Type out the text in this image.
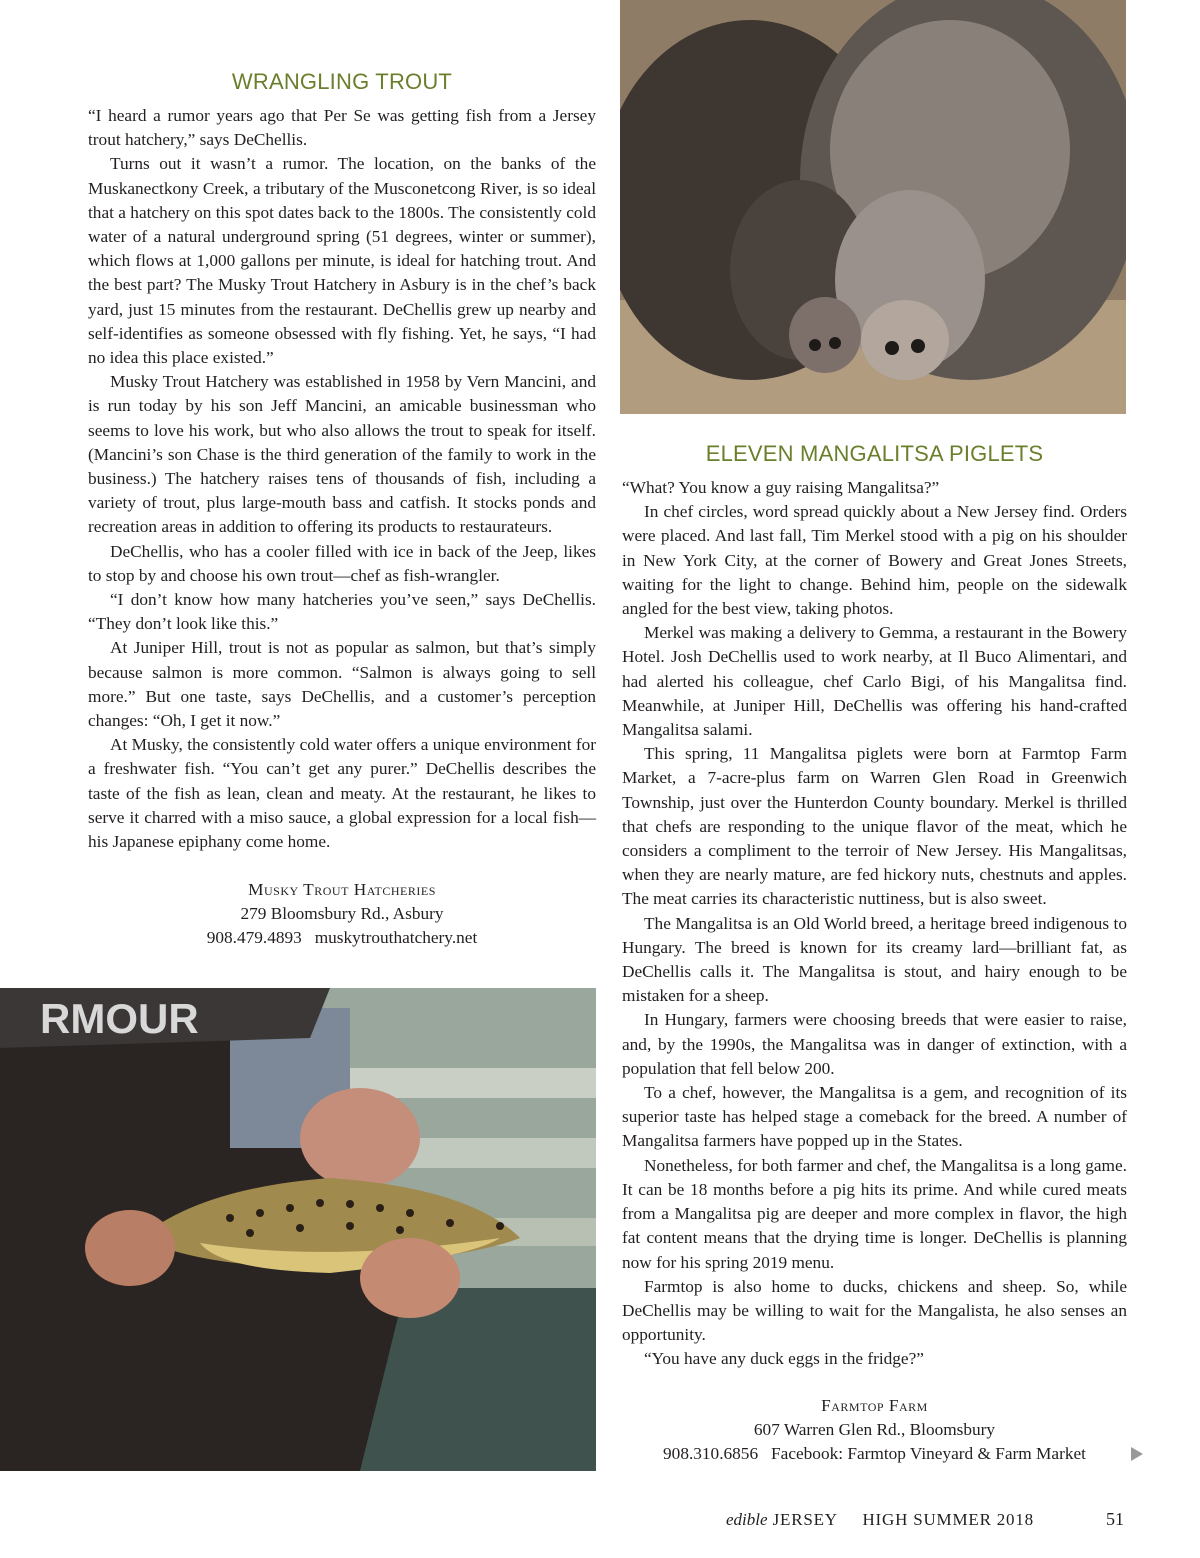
WRANGLING TROUT

“I heard a rumor years ago that Per Se was getting fish from a Jersey trout hatchery,” says DeChellis.

Turns out it wasn’t a rumor. The location, on the banks of the Muskanectkony Creek, a tributary of the Musconetcong River, is so ideal that a hatchery on this spot dates back to the 1800s. The consistently cold water of a natural underground spring (51 degrees, winter or summer), which flows at 1,000 gallons per minute, is ideal for hatching trout. And the best part? The Musky Trout Hatchery in Asbury is in the chef’s back yard, just 15 minutes from the restaurant. DeChellis grew up nearby and self-identifies as someone obsessed with fly fishing. Yet, he says, “I had no idea this place existed.”

Musky Trout Hatchery was established in 1958 by Vern Mancini, and is run today by his son Jeff Mancini, an amicable businessman who seems to love his work, but who also allows the trout to speak for itself. (Mancini’s son Chase is the third generation of the family to work in the business.) The hatchery raises tens of thousands of fish, including a variety of trout, plus large-mouth bass and catfish. It stocks ponds and recreation areas in addition to offering its products to restaurateurs.

DeChellis, who has a cooler filled with ice in back of the Jeep, likes to stop by and choose his own trout—chef as fish-wrangler.

“I don’t know how many hatcheries you’ve seen,” says DeChellis. “They don’t look like this.”

At Juniper Hill, trout is not as popular as salmon, but that’s simply because salmon is more common. “Salmon is always going to sell more.” But one taste, says DeChellis, and a customer’s perception changes: “Oh, I get it now.”

At Musky, the consistently cold water offers a unique environment for a freshwater fish. “You can’t get any purer.” DeChellis describes the taste of the fish as lean, clean and meaty. At the restaurant, he likes to serve it charred with a miso sauce, a global expression for a local fish—his Japanese epiphany come home.

Musky Trout Hatcheries
279 Bloomsbury Rd., Asbury
908.479.4893   muskytrouthatchery.net
RMOUR
ELEVEN MANGALITSA PIGLETS

“What? You know a guy raising Mangalitsa?”

In chef circles, word spread quickly about a New Jersey find. Orders were placed. And last fall, Tim Merkel stood with a pig on his shoulder in New York City, at the corner of Bowery and Great Jones Streets, waiting for the light to change. Behind him, people on the sidewalk angled for the best view, taking photos.

Merkel was making a delivery to Gemma, a restaurant in the Bowery Hotel. Josh DeChellis used to work nearby, at Il Buco Alimentari, and had alerted his colleague, chef Carlo Bigi, of his Mangalitsa find. Meanwhile, at Juniper Hill, DeChellis was offering his hand-crafted Mangalitsa salami.

This spring, 11 Mangalitsa piglets were born at Farmtop Farm Market, a 7-acre-plus farm on Warren Glen Road in Greenwich Township, just over the Hunterdon County boundary. Merkel is thrilled that chefs are responding to the unique flavor of the meat, which he considers a compliment to the terroir of New Jersey. His Mangalitsas, when they are nearly mature, are fed hickory nuts, chestnuts and apples. The meat carries its characteristic nuttiness, but is also sweet.

The Mangalitsa is an Old World breed, a heritage breed indigenous to Hungary. The breed is known for its creamy lard—brilliant fat, as DeChellis calls it. The Mangalitsa is stout, and hairy enough to be mistaken for a sheep.

In Hungary, farmers were choosing breeds that were easier to raise, and, by the 1990s, the Mangalitsa was in danger of extinction, with a population that fell below 200.

To a chef, however, the Mangalitsa is a gem, and recognition of its superior taste has helped stage a comeback for the breed. A number of Mangalitsa farmers have popped up in the States.

Nonetheless, for both farmer and chef, the Mangalitsa is a long game. It can be 18 months before a pig hits its prime. And while cured meats from a Mangalitsa pig are deeper and more complex in flavor, the high fat content means that the drying time is longer. DeChellis is planning now for his spring 2019 menu.

Farmtop is also home to ducks, chickens and sheep. So, while DeChellis may be willing to wait for the Mangalista, he also senses an opportunity.

“You have any duck eggs in the fridge?”

Farmtop Farm
607 Warren Glen Rd., Bloomsbury
908.310.6856   Facebook: Farmtop Vineyard & Farm Market
edible JERSEY HIGH SUMMER 2018	51
